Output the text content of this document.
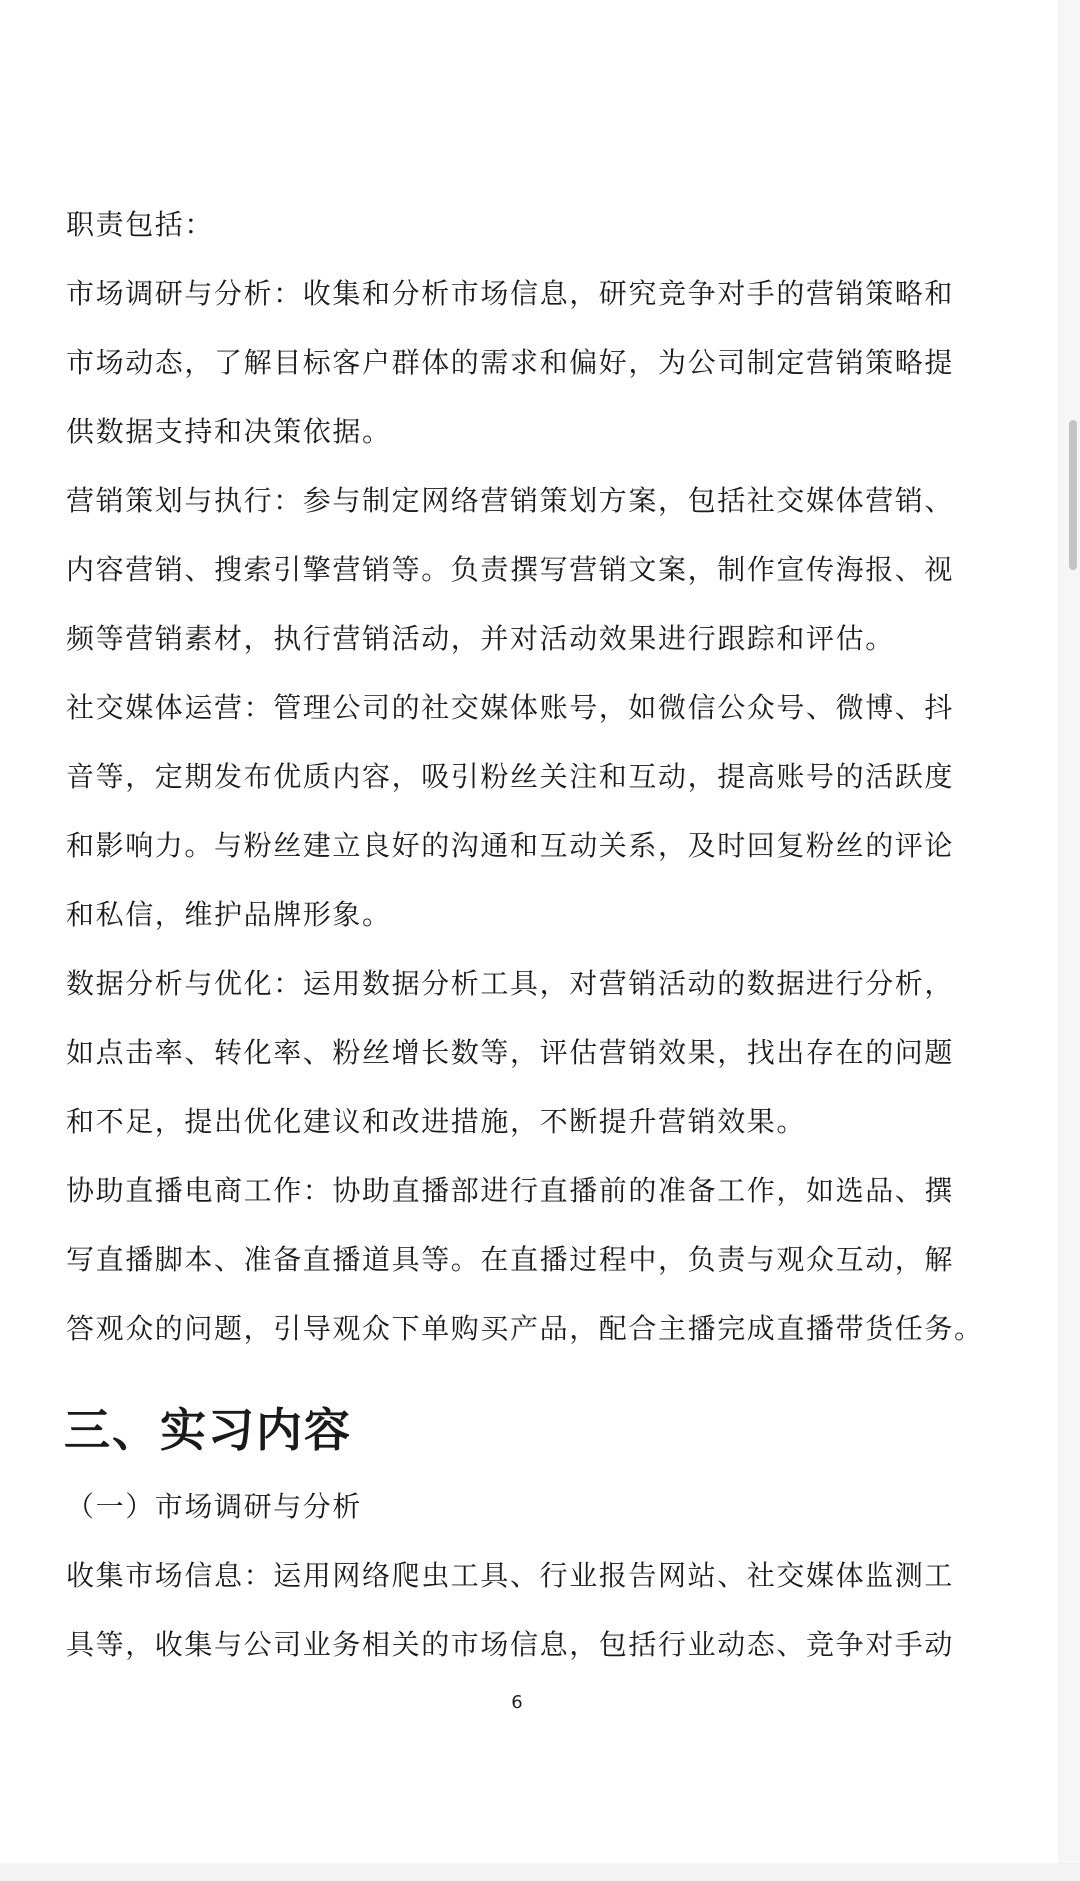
职责包括：
市场调研与分析：收集和分析市场信息，研究竞争对手的营销策略和
市场动态，了解目标客户群体的需求和偏好，为公司制定营销策略提
供数据支持和决策依据。
营销策划与执行：参与制定网络营销策划方案，包括社交媒体营销、
内容营销、搜索引擎营销等。负责撰写营销文案，制作宣传海报、视
频等营销素材，执行营销活动，并对活动效果进行跟踪和评估。
社交媒体运营：管理公司的社交媒体账号，如微信公众号、微博、抖
音等，定期发布优质内容，吸引粉丝关注和互动，提高账号的活跃度
和影响力。与粉丝建立良好的沟通和互动关系，及时回复粉丝的评论
和私信，维护品牌形象。
数据分析与优化：运用数据分析工具，对营销活动的数据进行分析，
如点击率、转化率、粉丝增长数等，评估营销效果，找出存在的问题
和不足，提出优化建议和改进措施，不断提升营销效果。
协助直播电商工作：协助直播部进行直播前的准备工作，如选品、撰
写直播脚本、准备直播道具等。在直播过程中，负责与观众互动，解
答观众的问题，引导观众下单购买产品，配合主播完成直播带货任务。
三、实习内容
（一）市场调研与分析
收集市场信息：运用网络爬虫工具、行业报告网站、社交媒体监测工
具等，收集与公司业务相关的市场信息，包括行业动态、竞争对手动
6
